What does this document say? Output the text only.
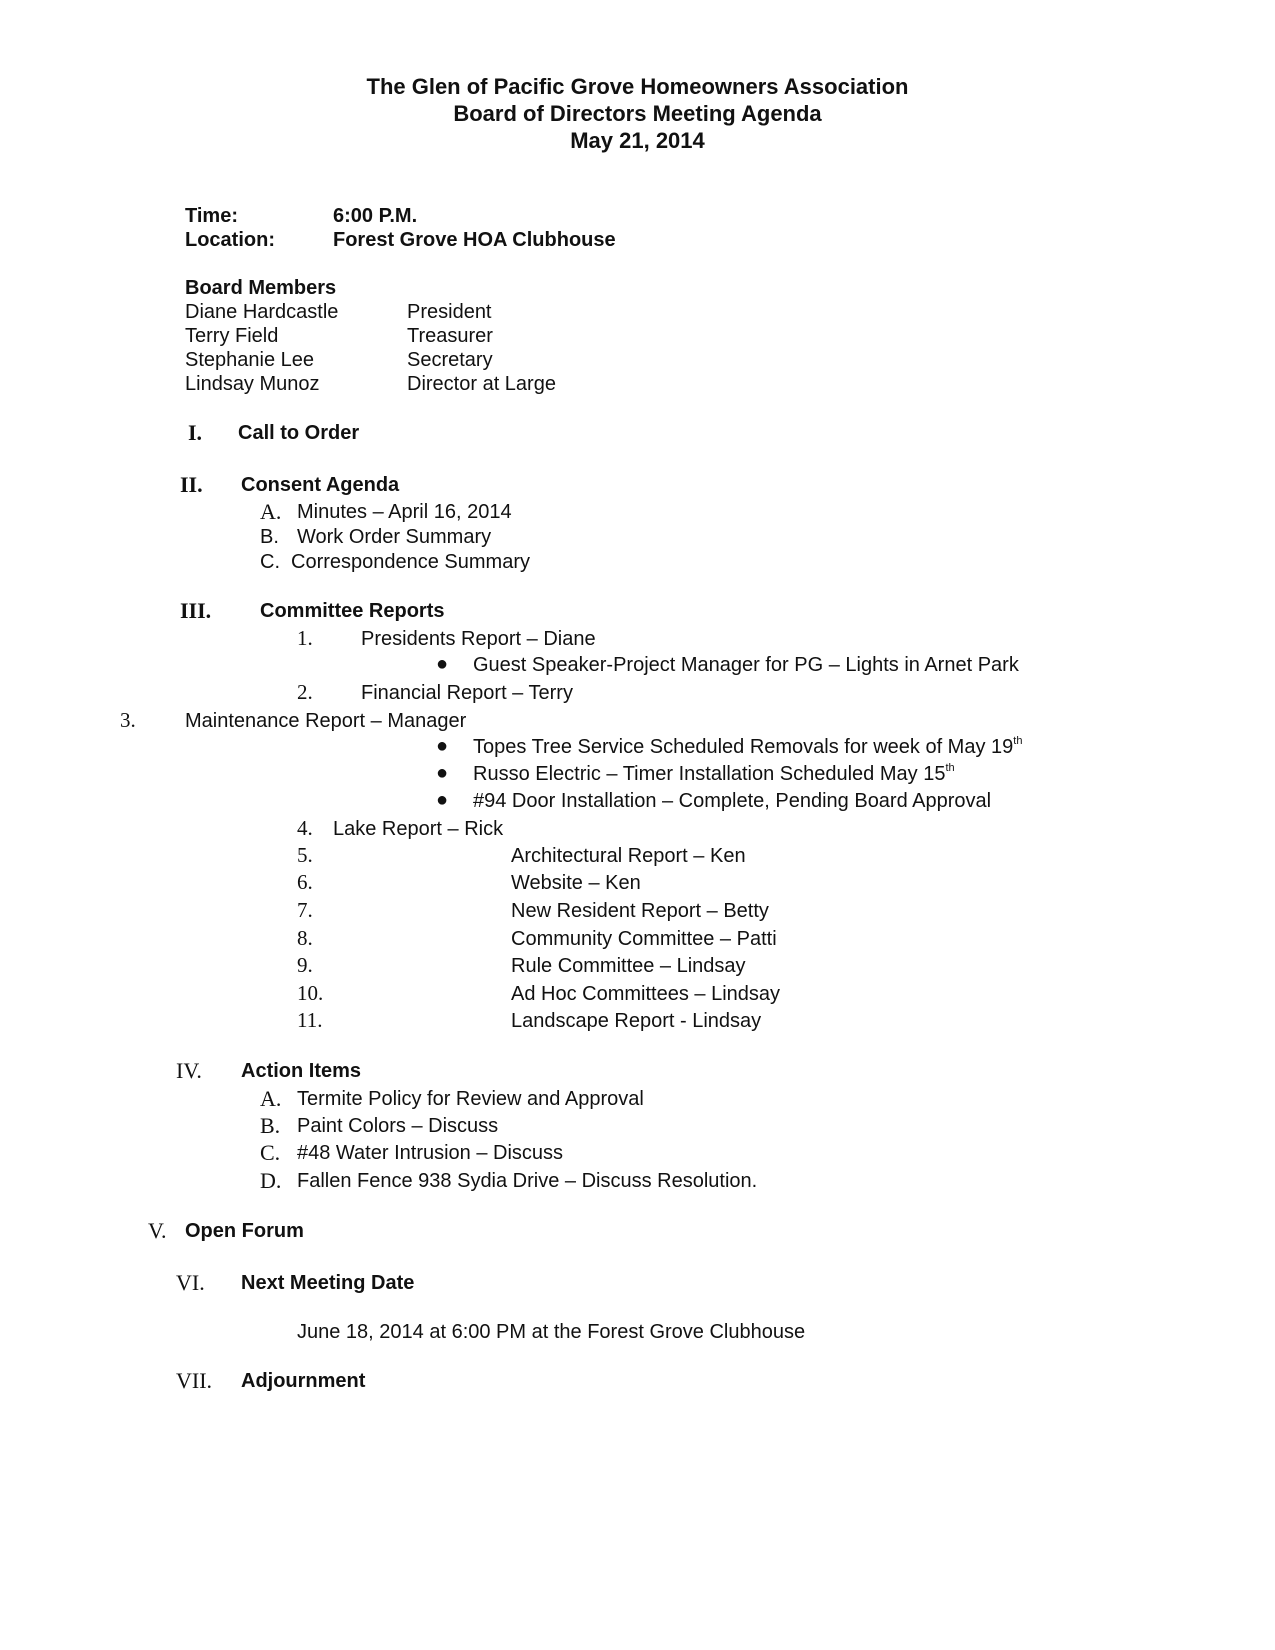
The Glen of Pacific Grove Homeowners Association
Board of Directors Meeting Agenda
May 21, 2014
Time:	6:00 P.M.
Location:	Forest Grove HOA Clubhouse
Board Members
Diane Hardcastle	President
Terry Field	Treasurer
Stephanie Lee	Secretary
Lindsay Munoz	Director at Large
I. Call to Order
II. Consent Agenda
A. Minutes – April 16, 2014
B. Work Order Summary
C. Correspondence Summary
III. Committee Reports
1. Presidents Report – Diane
● Guest Speaker-Project Manager for PG – Lights in Arnet Park
2. Financial Report – Terry
3. Maintenance Report – Manager
● Topes Tree Service Scheduled Removals for week of May 19th
● Russo Electric – Timer Installation Scheduled May 15th
● #94 Door Installation – Complete, Pending Board Approval
4. Lake Report – Rick
5.	Architectural Report – Ken
6.	Website – Ken
7.	New Resident Report – Betty
8.	Community Committee – Patti
9.	Rule Committee – Lindsay
10.	Ad Hoc Committees – Lindsay
11.	Landscape Report - Lindsay
IV. Action Items
A. Termite Policy for Review and Approval
B. Paint Colors – Discuss
C. #48 Water Intrusion – Discuss
D. Fallen Fence 938 Sydia Drive – Discuss Resolution.
V. Open Forum
VI. Next Meeting Date
June 18, 2014 at 6:00 PM at the Forest Grove Clubhouse
VII. Adjournment
